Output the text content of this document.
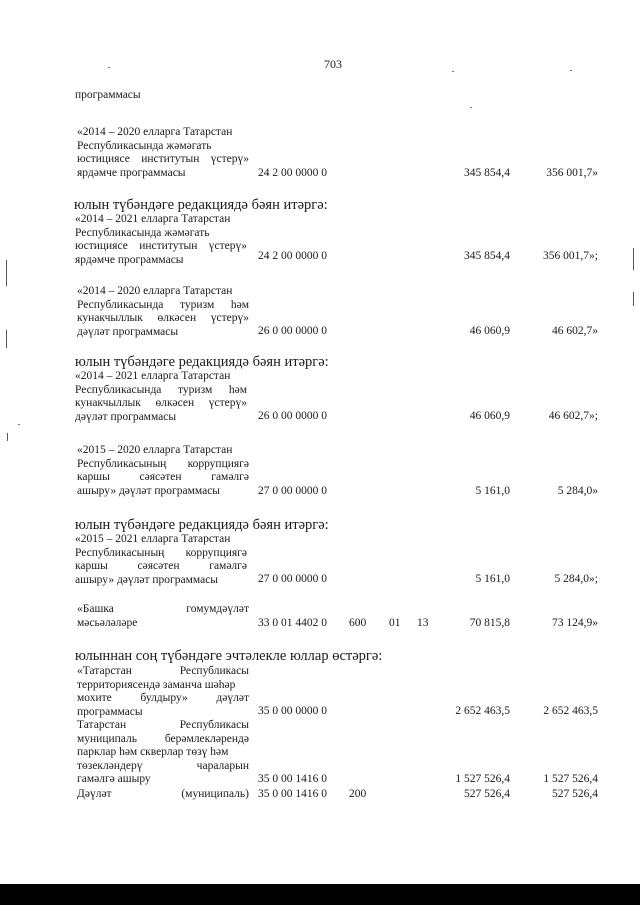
703
программасы
«2014 – 2020 елларга Татарстан
Республикасында жәмәгать
юстициясе институтын үстерү»
ярдәмче программасы	24 2 00 0000 0	345 854,4	356 001,7»
юлын түбәндәге редакциядә бәян итәргә:
«2014 – 2021 елларга Татарстан
Республикасында жәмәгать
юстициясе институтын үстерү»
ярдәмче программасы	24 2 00 0000 0	345 854,4	356 001,7»;
«2014 – 2020 елларга Татарстан
Республикасында туризм һәм
кунакчыллык өлкәсен үстерү»
дәүләт программасы	26 0 00 0000 0	46 060,9	46 602,7»
юлын түбәндәге редакциядә бәян итәргә:
«2014 – 2021 елларга Татарстан
Республикасында туризм һәм
кунакчыллык өлкәсен үстерү»
дәүләт программасы	26 0 00 0000 0	46 060,9	46 602,7»;
«2015 – 2020 елларга Татарстан
Республикасының коррупциягә
каршы сәясәтен гамәлгә
ашыру» дәүләт программасы	27 0 00 0000 0	5 161,0	5 284,0»
юлын түбәндәге редакциядә бәян итәргә:
«2015 – 2021 елларга Татарстан
Республикасының коррупциягә
каршы сәясәтен гамәлгә
ашыру» дәүләт программасы	27 0 00 0000 0	5 161,0	5 284,0»;
«Башка гомумдәүләт
мәсьәләләре	33 0 01 4402 0 600 01 13	70 815,8	73 124,9»
юлыннан соң түбәндәге эчтәлекле юллар өстәргә:
«Татарстан Республикасы
территориясендә заманча шәһәр
мохите булдыру» дәүләт
программасы	35 0 00 0000 0	2 652 463,5	2 652 463,5
Татарстан Республикасы
муниципаль берәмлекләрендә
парклар һәм скверлар төзү һәм
төзекләндерү чараларын
гамәлгә ашыру	35 0 00 1416 0	1 527 526,4	1 527 526,4
Дәүләт (муниципаль) 35 0 00 1416 0 200	527 526,4	527 526,4
